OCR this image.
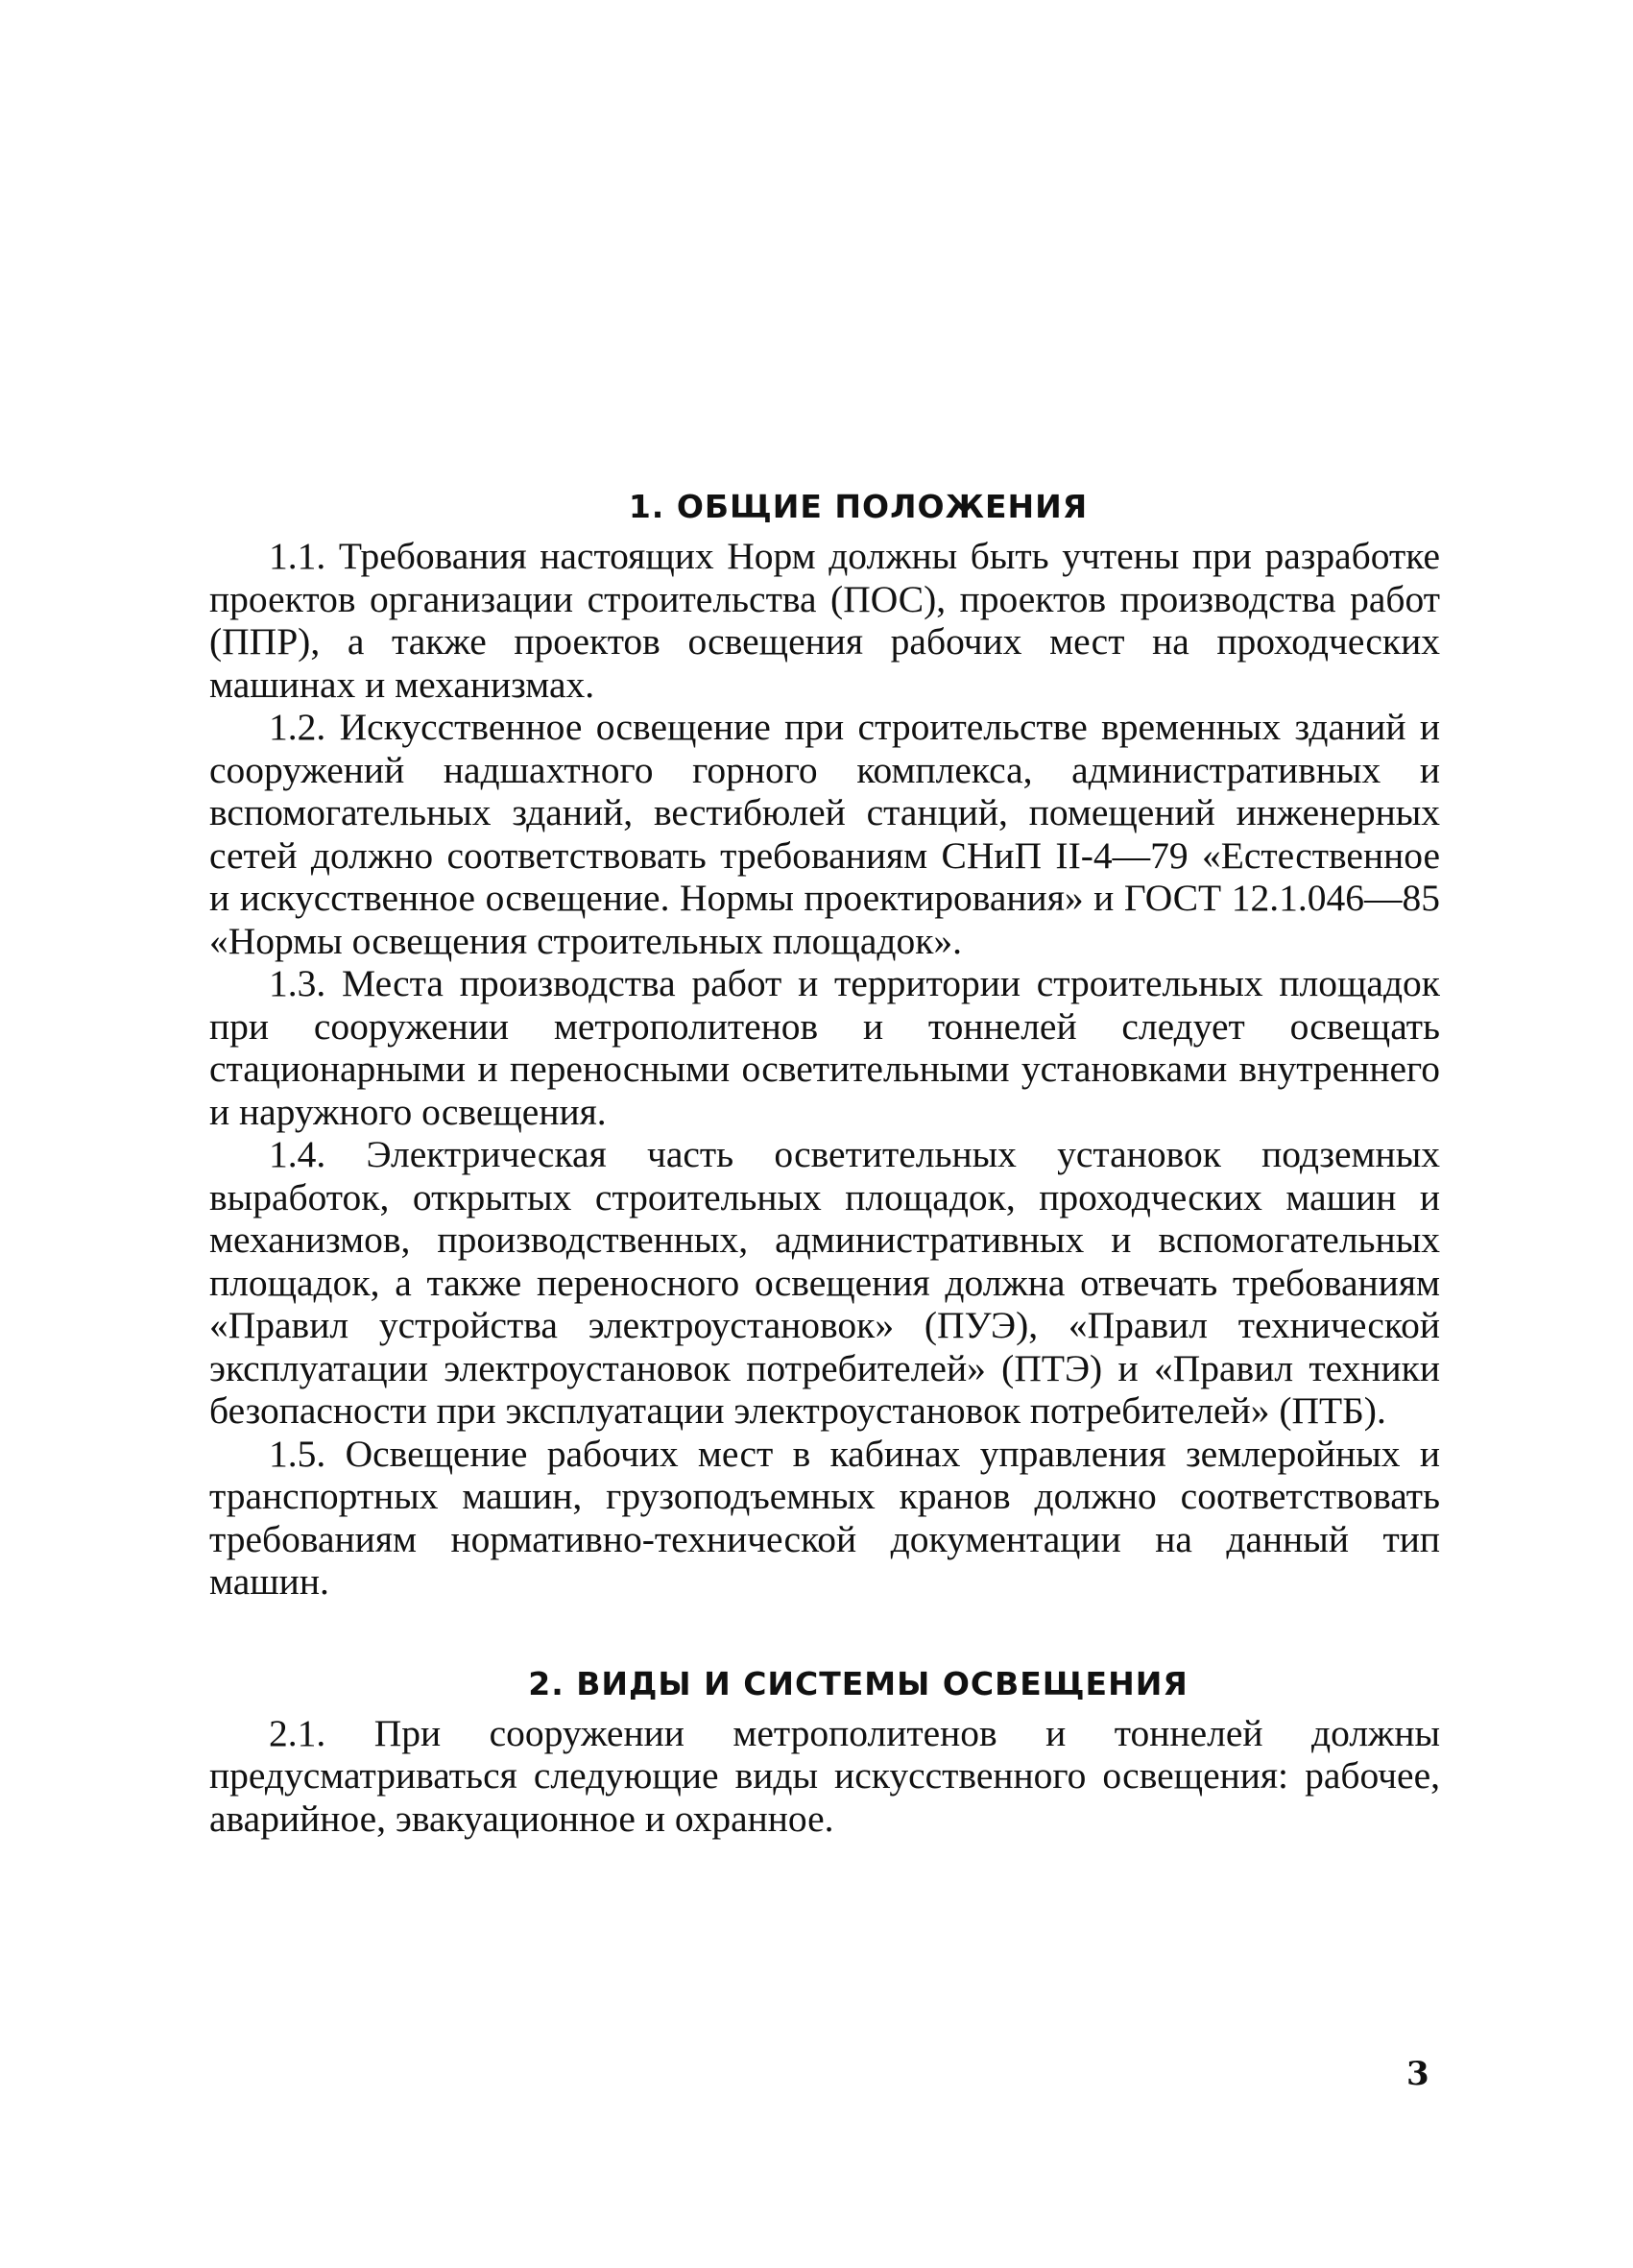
1. ОБЩИЕ ПОЛОЖЕНИЯ

1.1. Требования настоящих Норм должны быть учтены при разработке проектов организации строительства (ПОС), проектов производства работ (ППР), а также проектов освещения рабочих мест на проходческих машинах и механизмах.

1.2. Искусственное освещение при строительстве временных зданий и сооружений надшахтного горного комплекса, административных и вспомогательных зданий, вестибюлей станций, помещений инженерных сетей должно соответствовать требованиям СНиП II-4—79 «Естественное и искусственное освещение. Нормы проектирования» и ГОСТ 12.1.046—85 «Нормы освещения строительных площадок».

1.3. Места производства работ и территории строительных площадок при сооружении метрополитенов и тоннелей следует освещать стационарными и переносными осветительными установками внутреннего и наружного освещения.

1.4. Электрическая часть осветительных установок подземных выработок, открытых строительных площадок, проходческих машин и механизмов, производственных, административных и вспомогательных площадок, а также переносного освещения должна отвечать требованиям «Правил устройства электроустановок» (ПУЭ), «Правил технической эксплуатации электроустановок потребителей» (ПТЭ) и «Правил техники безопасности при эксплуатации электроустановок потребителей» (ПТБ).

1.5. Освещение рабочих мест в кабинах управления землеройных и транспортных машин, грузоподъемных кранов должно соответствовать требованиям нормативно-технической документации на данный тип машин.

2. ВИДЫ И СИСТЕМЫ ОСВЕЩЕНИЯ

2.1. При сооружении метрополитенов и тоннелей должны предусматриваться следующие виды искусственного освещения: рабочее, аварийное, эвакуационное и охранное.

3
